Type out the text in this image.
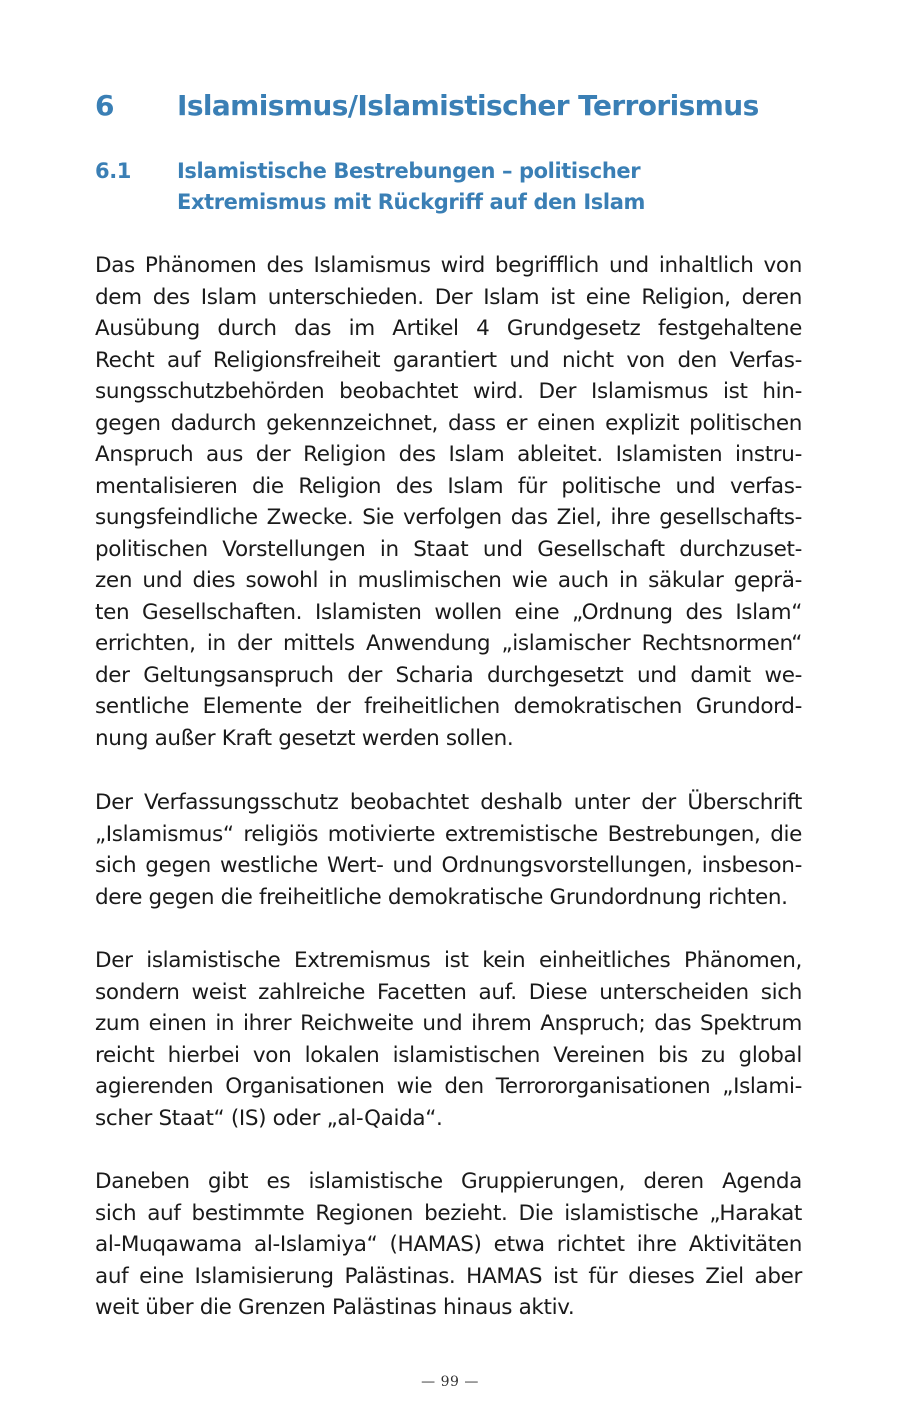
6	Islamismus/Islamistischer Terrorismus
6.1	Islamistische Bestrebungen – politischer
Extremismus mit Rückgriff auf den Islam
Das Phänomen des Islamismus wird begrifflich und inhaltlich von
dem des Islam unterschieden. Der Islam ist eine Religion, deren
Ausübung durch das im Artikel 4 Grundgesetz festgehaltene
Recht auf Religionsfreiheit garantiert und nicht von den Verfas-
sungsschutzbehörden beobachtet wird. Der Islamismus ist hin-
gegen dadurch gekennzeichnet, dass er einen explizit politischen
Anspruch aus der Religion des Islam ableitet. Islamisten instru-
mentalisieren die Religion des Islam für politische und verfas-
sungsfeindliche Zwecke. Sie verfolgen das Ziel, ihre gesellschafts-
politischen Vorstellungen in Staat und Gesellschaft durchzuset-
zen und dies sowohl in muslimischen wie auch in säkular geprä-
ten Gesellschaften. Islamisten wollen eine „Ordnung des Islam“
errichten, in der mittels Anwendung „islamischer Rechtsnormen“
der Geltungsanspruch der Scharia durchgesetzt und damit we-
sentliche Elemente der freiheitlichen demokratischen Grundord-
nung außer Kraft gesetzt werden sollen.
Der Verfassungsschutz beobachtet deshalb unter der Überschrift
„Islamismus“ religiös motivierte extremistische Bestrebungen, die
sich gegen westliche Wert- und Ordnungsvorstellungen, insbeson-
dere gegen die freiheitliche demokratische Grundordnung richten.
Der islamistische Extremismus ist kein einheitliches Phänomen,
sondern weist zahlreiche Facetten auf. Diese unterscheiden sich
zum einen in ihrer Reichweite und ihrem Anspruch; das Spektrum
reicht hierbei von lokalen islamistischen Vereinen bis zu global
agierenden Organisationen wie den Terrororganisationen „Islami-
scher Staat“ (IS) oder „al-Qaida“.
Daneben gibt es islamistische Gruppierungen, deren Agenda
sich auf bestimmte Regionen bezieht. Die islamistische „Harakat
al-Muqawama al-Islamiya“ (HAMAS) etwa richtet ihre Aktivitäten
auf eine Islamisierung Palästinas. HAMAS ist für dieses Ziel aber
weit über die Grenzen Palästinas hinaus aktiv.
— 99 —
